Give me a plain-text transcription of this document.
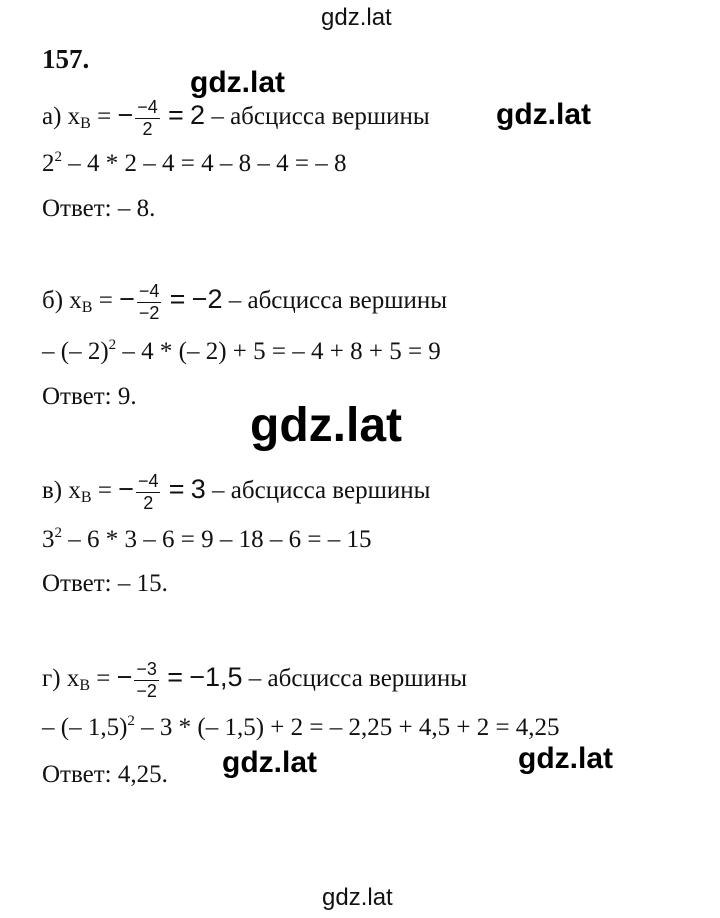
gdz.lat
157.
а) $x_В$ = − $\frac{-4}{2} = 2$ – абсцисса вершины
$2^2 - 4 * 2 - 4 = 4 - 8 - 4$ = – 8
Ответ: – 8.
б) $x_В$ = − $\frac{-4}{-2} = -2$ – абсцисса вершины
– (– 2)$^2$ – 4 * (– 2) + 5 = – 4 + 8 + 5 = 9
Ответ: 9.
в) $x_В$ = − $\frac{-4}{2} = 3$ – абсцисса вершины
$3^2 - 6 * 3 - 6 = 9 - 18 - 6$ = – 15
Ответ: – 15.
г) $x_В$ = − $\frac{-3}{-2} = -1,5$ – абсцисса вершины
– (– 1,5)$^2$ – 3 * (– 1,5) + 2 = – 2,25 + 4,5 + 2 = 4,25
Ответ: 4,25.
gdz.lat
gdz.lat
gdz.lat
gdz.lat	gdz.lat
gdz.lat
